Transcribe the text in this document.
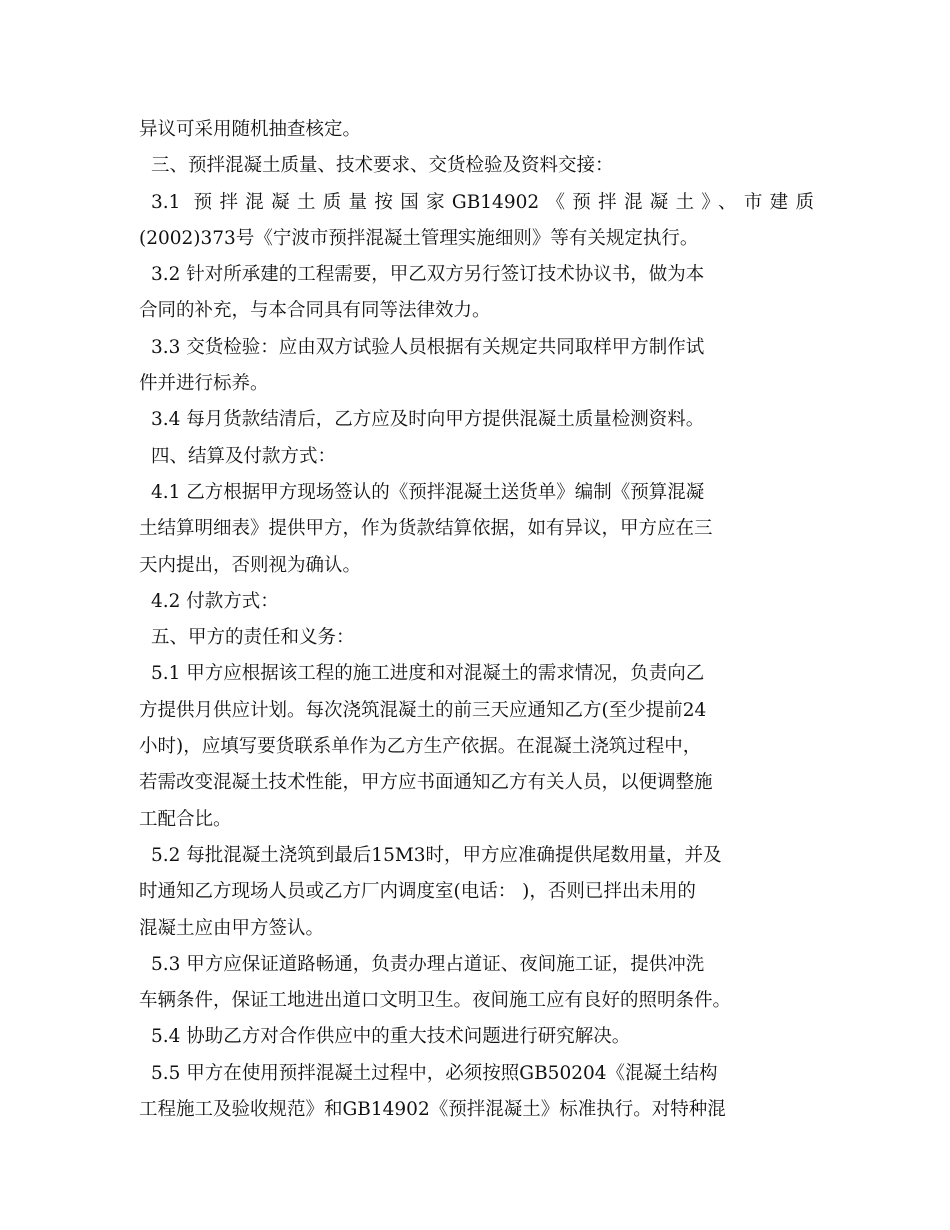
异议可采用随机抽查核定。
三、预拌混凝土质量、技术要求、交货检验及资料交接：
3.1 预拌混凝土质量按国家GB14902《预拌混凝土》、市建质
(2002)373号《宁波市预拌混凝土管理实施细则》等有关规定执行。
3.2 针对所承建的工程需要，甲乙双方另行签订技术协议书，做为本
合同的补充，与本合同具有同等法律效力。
3.3 交货检验：应由双方试验人员根据有关规定共同取样甲方制作试
件并进行标养。
3.4 每月货款结清后，乙方应及时向甲方提供混凝土质量检测资料。
四、结算及付款方式：
4.1 乙方根据甲方现场签认的《预拌混凝土送货单》编制《预算混凝
土结算明细表》提供甲方，作为货款结算依据，如有异议，甲方应在三
天内提出，否则视为确认。
4.2 付款方式：
五、甲方的责任和义务：
5.1 甲方应根据该工程的施工进度和对混凝土的需求情况，负责向乙
方提供月供应计划。每次浇筑混凝土的前三天应通知乙方(至少提前24
小时)，应填写要货联系单作为乙方生产依据。在混凝土浇筑过程中，
若需改变混凝土技术性能，甲方应书面通知乙方有关人员，以便调整施
工配合比。
5.2 每批混凝土浇筑到最后15M3时，甲方应准确提供尾数用量，并及
时通知乙方现场人员或乙方厂内调度室(电话： )，否则已拌出未用的
混凝土应由甲方签认。
5.3 甲方应保证道路畅通，负责办理占道证、夜间施工证，提供冲洗
车辆条件，保证工地进出道口文明卫生。夜间施工应有良好的照明条件。
5.4 协助乙方对合作供应中的重大技术问题进行研究解决。
5.5 甲方在使用预拌混凝土过程中，必须按照GB50204《混凝土结构
工程施工及验收规范》和GB14902《预拌混凝土》标准执行。对特种混
